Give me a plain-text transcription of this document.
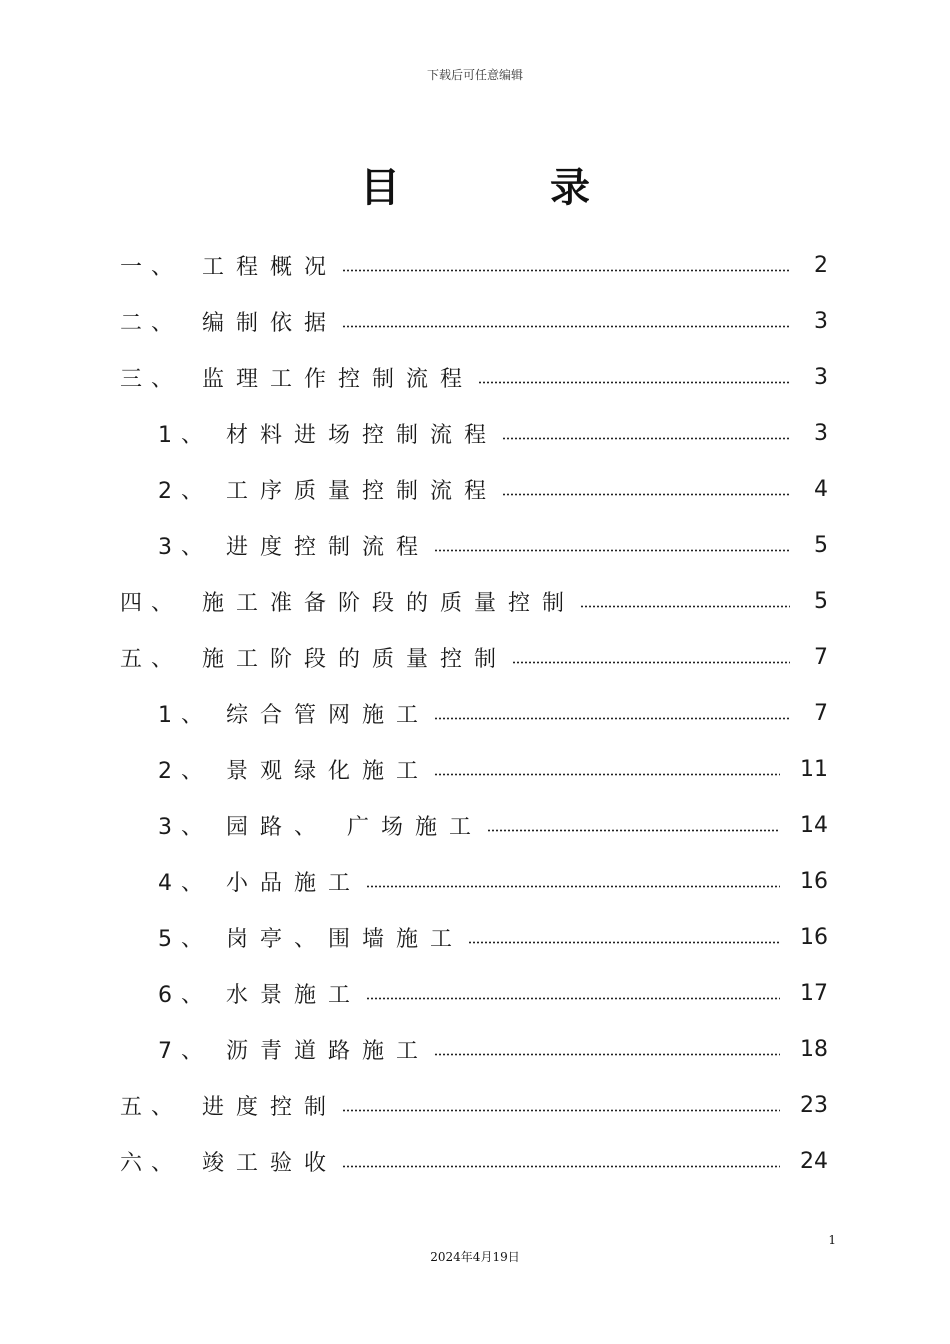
下载后可任意编辑
目录
一、 工程概况	2
二、 编制依据	3
三、 监理工作控制流程	3
1、 材料进场控制流程	3
2、 工序质量控制流程	4
3、 进度控制流程	5
四、 施工准备阶段的质量控制	5
五、 施工阶段的质量控制	7
1、 综合管网施工	7
2、 景观绿化施工	11
3、 园路、 广场施工	14
4、 小品施工	16
5、 岗亭、围墙施工	16
6、 水景施工	17
7、 沥青道路施工	18
五、 进度控制	23
六、 竣工验收	24
1
2024年4月19日
